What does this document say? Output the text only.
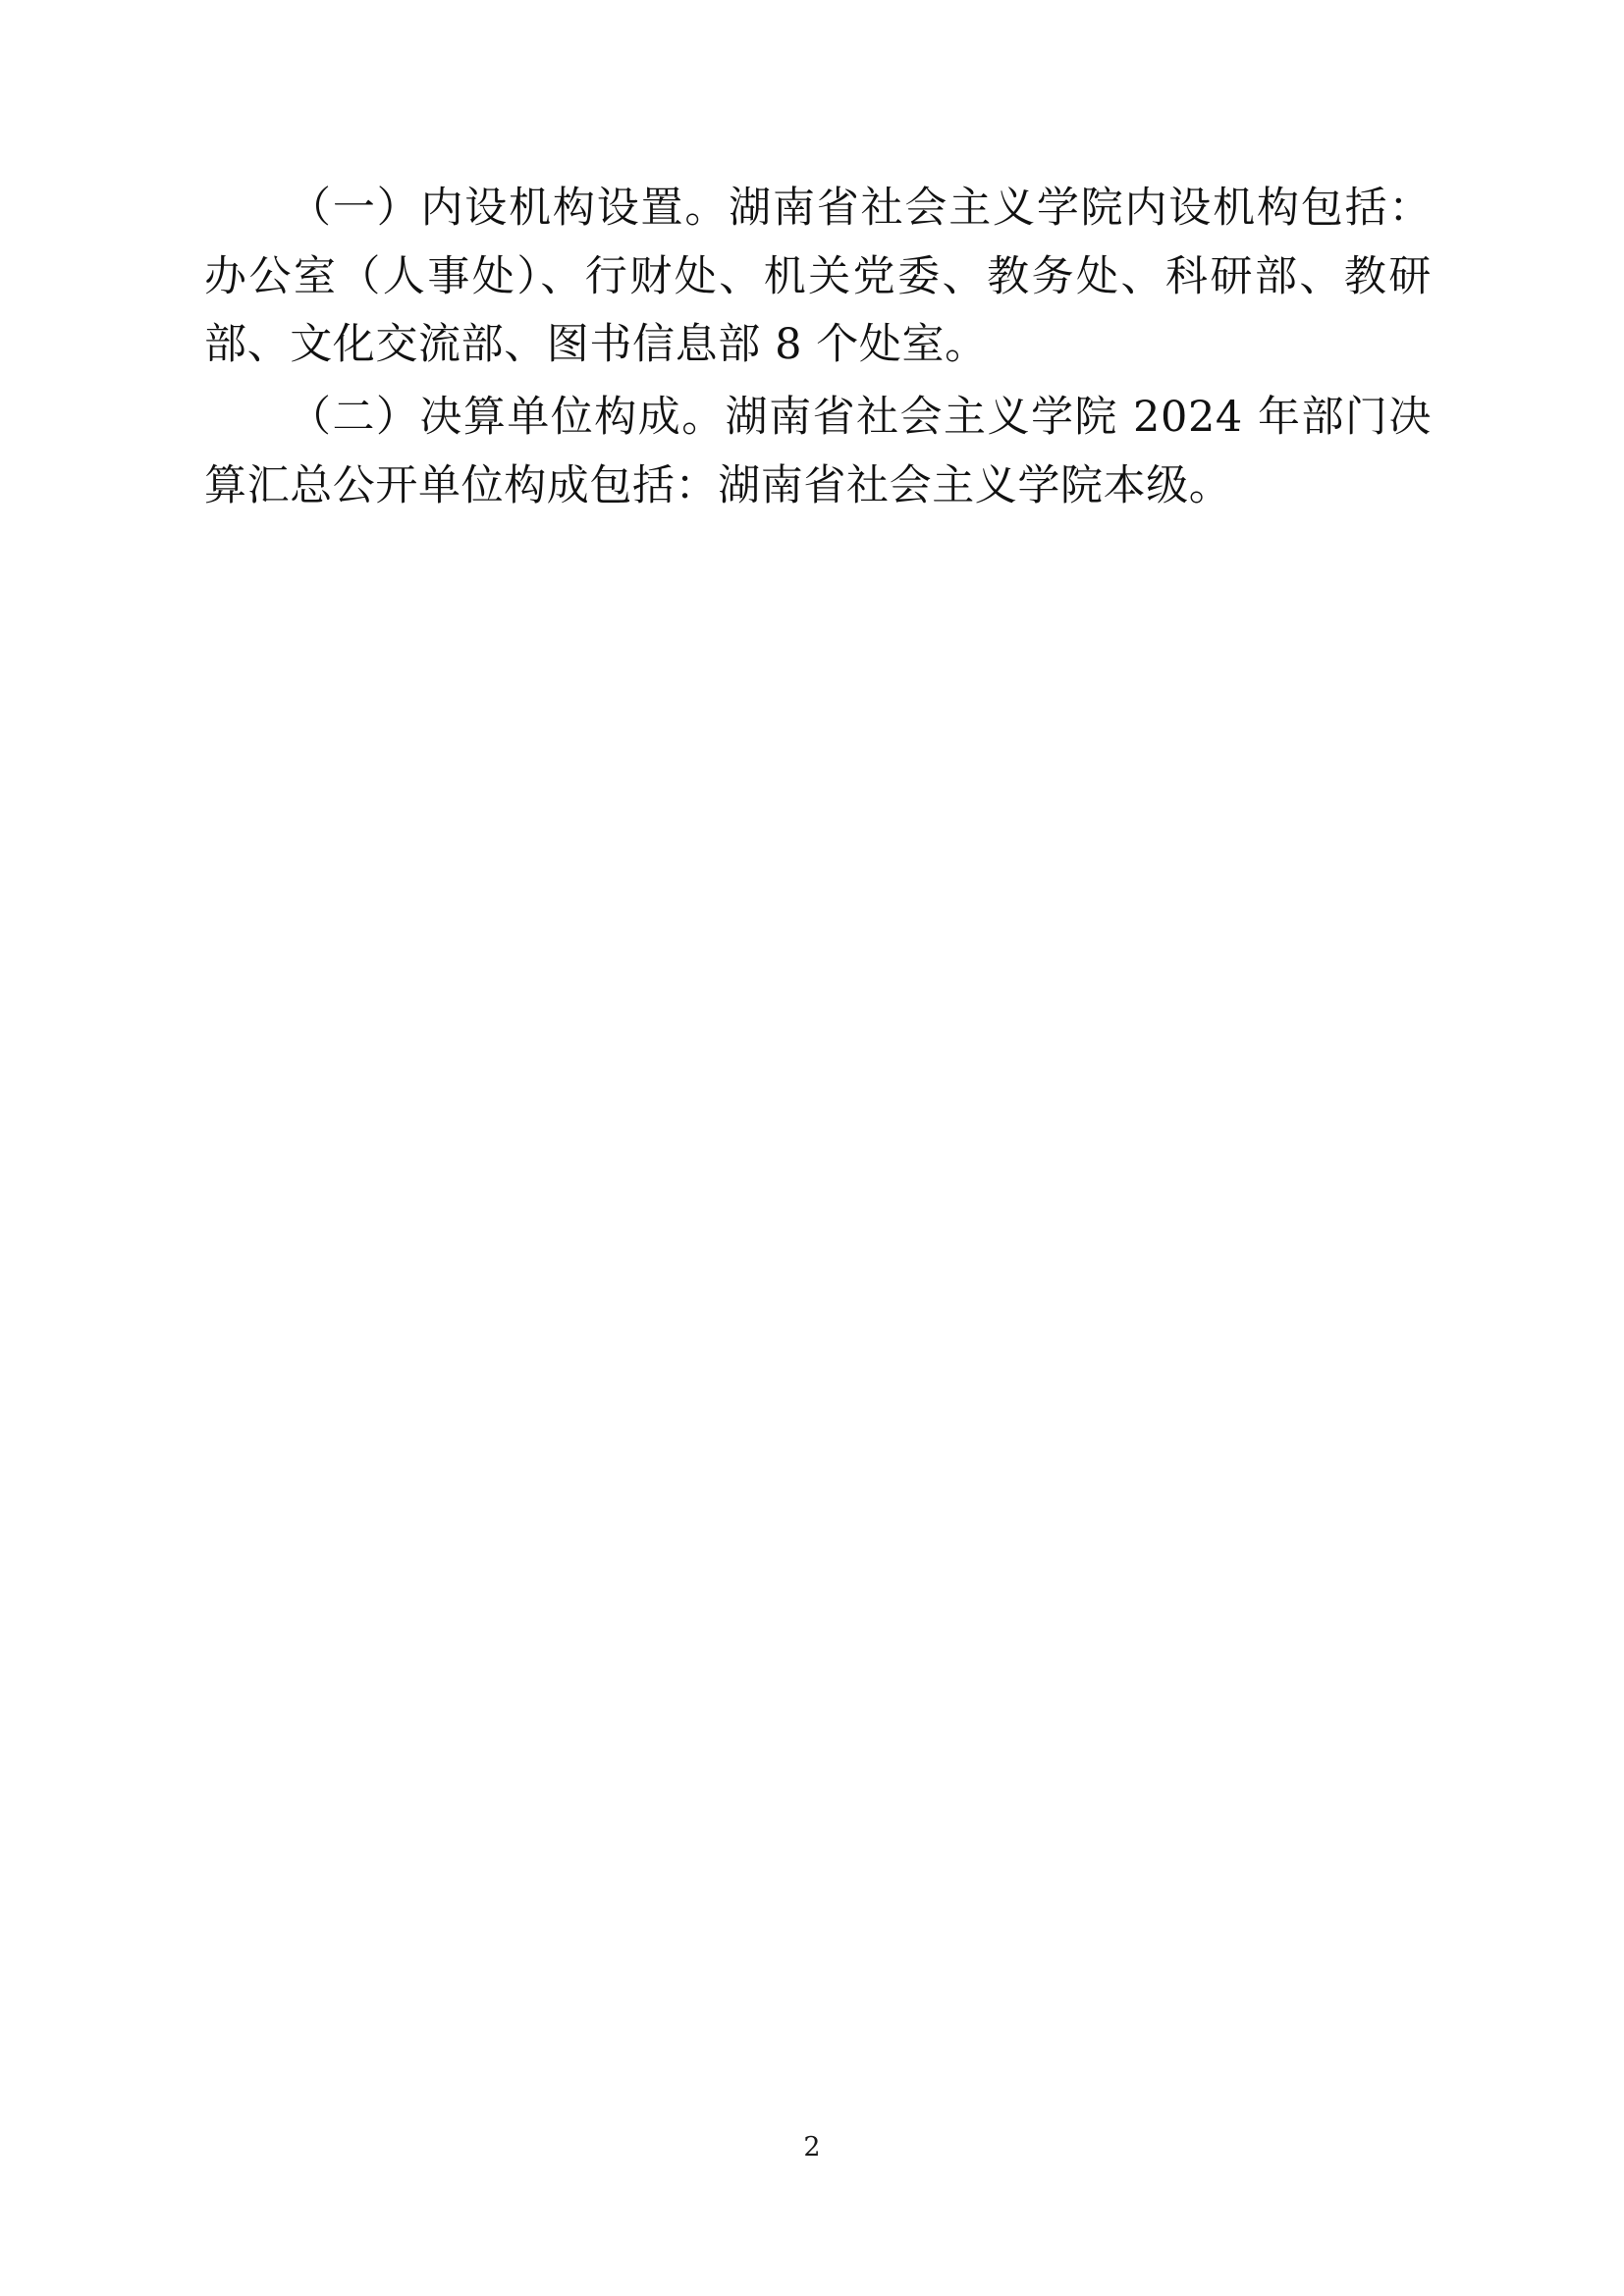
（一）内设机构设置。湖南省社会主义学院内设机构包括：办公室（人事处）、行财处、机关党委、教务处、科研部、教研部、文化交流部、图书信息部 8 个处室。

（二）决算单位构成。湖南省社会主义学院 2024 年部门决算汇总公开单位构成包括：湖南省社会主义学院本级。

2
